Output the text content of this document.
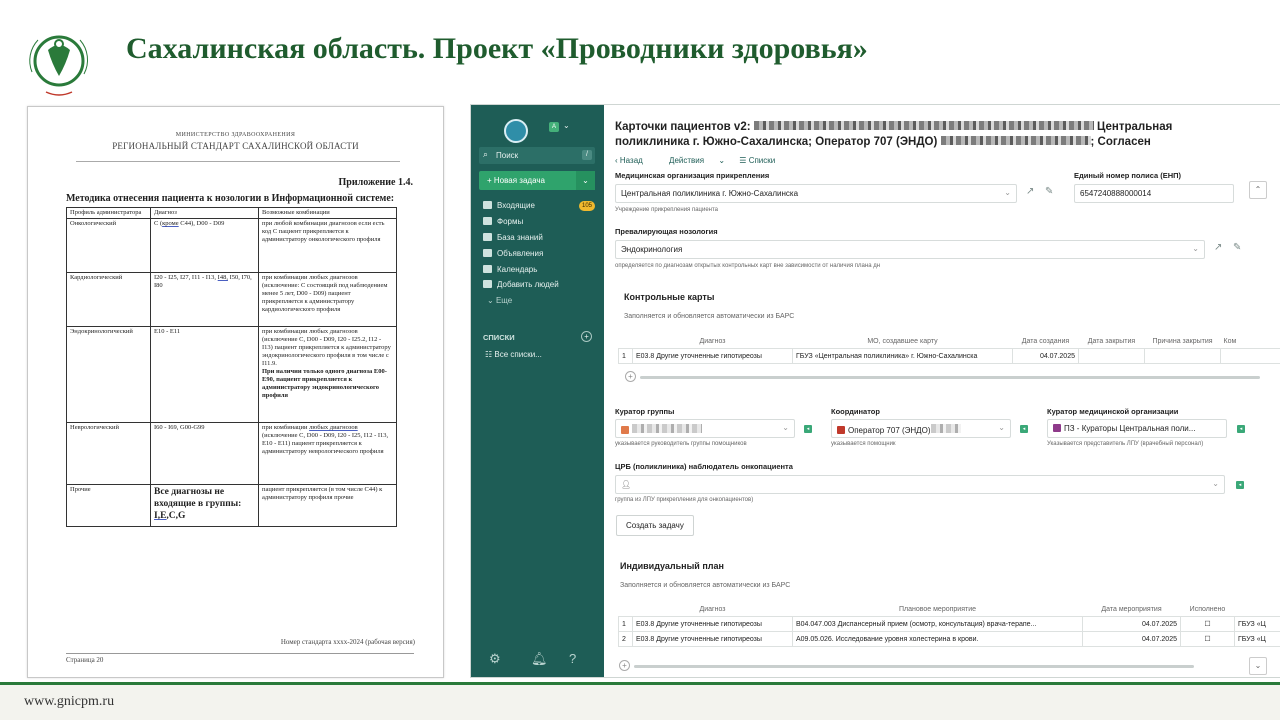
Сахалинская область. Проект «Проводники здоровья»
МИНИСТЕРСТВО ЗДРАВООХРАНЕНИЯ
РЕГИОНАЛЬНЫЙ СТАНДАРТ САХАЛИНСКОЙ ОБЛАСТИ
Приложение 1.4.
Методика отнесения пациента к нозологии в Информационной системе:
Профиль администратора	Диагноз	Возможные комбинации
Онкологический	С (кроме С44), D00 - D09	при любой комбинации диагнозов если есть код С пациент прикрепляется к администратору онкологического профиля
Кардиологический	I20 - I25, I27, I11 - I13, I48, I50, I70, I80	при комбинации любых диагнозов (исключение: С состоящий под наблюдением менее 5 лет, D00 - D09) пациент прикрепляется к администратору кардиологического профиля
Эндокринологический	Е10 - Е11	при комбинации любых диагнозов (исключение С, D00 - D09, I20 - I25.2, I12 - I13) пациент прикрепляется к администратору эндокринологического профиля в том числе с I11.9.
При наличии только одного диагноза Е00-Е90, пациент прикрепляется к администратору эндокринологического профиля
Неврологический	I60 - I69, G00-G99	при комбинации любых диагнозов (исключение С, D00 - D09, I20 - I25, I12 - I13, Е10 - Е11) пациент прикрепляется к администратору неврологического профиля
Прочие	Все диагнозы не входящие в группы: I,E,C,G	пациент прикрепляется (в том числе С44) к администратору профиля прочие
Номер стандарта хххх-2024 (рабочая версия)
Страница 20
A ⌄
⌕ Поиск	/
+ Новая задача	⌄
Входящие	105
Формы
База знаний
Объявления
Календарь
Добавить людей
⌄ Еще
СПИСКИ	+
☷ Все списки...
⚙ 🔔︎ ?
Карточки пациентов v2:	Центральная поликлиника г. Южно-Сахалинска; Оператор 707 (ЭНДО)	; Согласен
‹ Назад	Действия ⌄ ☰ Списки
Медицинская организация прикрепления
Центральная поликлиника г. Южно-Сахалинска	⌄ ↗ ✎
Учреждение прикрепления пациента
Единый номер полиса (ЕНП)
6547240888000014	⌃
Превалирующая нозология
Эндокринология	⌄ ↗ ✎
определяется по диагнозам открытых контрольных карт вне зависимости от наличия плана дн
Контрольные карты
Заполняется и обновляется автоматически из БАРС
	Диагноз	МО, создавшее карту	Дата создания	Дата закрытия	Причина закрытия	Ком
1	E03.8 Другие уточненные гипотиреозы	ГБУЗ «Центральная поликлиника» г. Южно-Сахалинска	04.07.2025			
+
Куратор группы
⌄	◂
указывается руководитель группы помощников
Координатор
Оператор 707 (ЭНДО)	⌄	◂
указывается помощник
Куратор медицинской организации
ПЗ - Кураторы Центральная поли...	◂
Указывается представитель ЛПУ (врачебный персонал)
ЦРБ (поликлиника) наблюдатель онкопациента
👤︎	⌄	◂
группа из ЛПУ прикрепления для онкопациентов)
Создать задачу
Индивидуальный план
Заполняется и обновляется автоматически из БАРС
	Диагноз	Плановое мероприятие	Дата мероприятия	Исполнено	
1	E03.8 Другие уточненные гипотиреозы	В04.047.003 Диспансерный прием (осмотр, консультация) врача-терапе...	04.07.2025	☐	ГБУЗ «Ц
2	E03.8 Другие уточненные гипотиреозы	А09.05.026. Исследование уровня холестерина в крови.	04.07.2025	☐	ГБУЗ «Ц
+	⌄
www.gnicpm.ru
